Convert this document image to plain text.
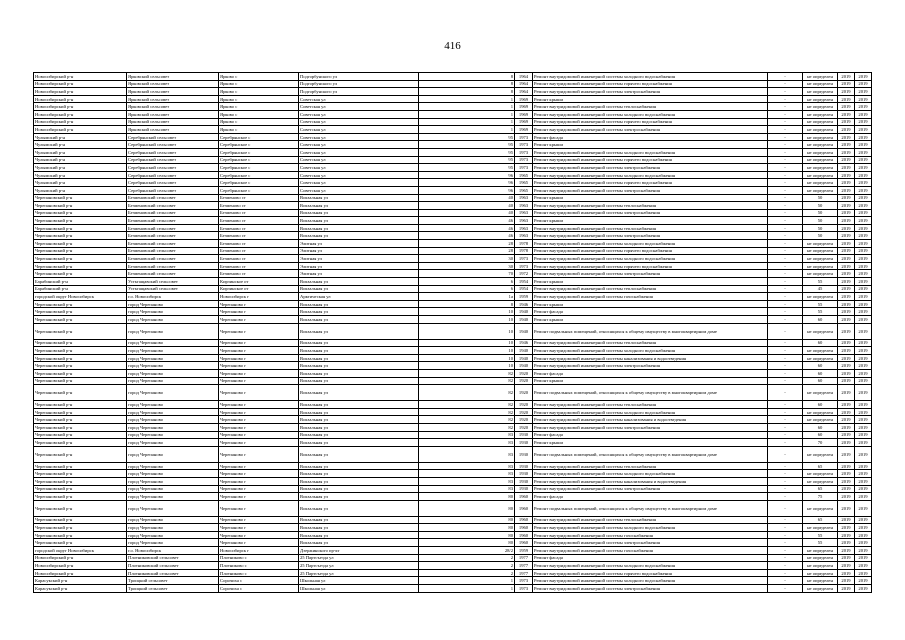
416
Новосибирский р-н	Ярковский сельсовет	Ярково с	Подгорбунского ул	8	1964	Ремонт внутридомовой инженерной системы холодного водоснабжения	-	не определен	2019	2019
Новосибирский р-н	Ярковский сельсовет	Ярково с	Подгорбунского ул	8	1964	Ремонт внутридомовой инженерной системы горячего водоснабжения	-	не определен	2019	2019
Новосибирский р-н	Ярковский сельсовет	Ярково с	Подгорбунского ул	8	1964	Ремонт внутридомовой инженерной системы электроснабжения	-	не определен	2019	2019
Новосибирский р-н	Ярковский сельсовет	Ярково с	Советская ул	1	1969	Ремонт крыши	-	не определен	2019	2019
Новосибирский р-н	Ярковский сельсовет	Ярково с	Советская ул	1	1969	Ремонт внутридомовой инженерной системы теплоснабжения	-	не определен	2019	2019
Новосибирский р-н	Ярковский сельсовет	Ярково с	Советская ул	1	1969	Ремонт внутридомовой инженерной системы холодного водоснабжения	-	не определен	2019	2019
Новосибирский р-н	Ярковский сельсовет	Ярково с	Советская ул	1	1969	Ремонт внутридомовой инженерной системы горячего водоснабжения	-	не определен	2019	2019
Новосибирский р-н	Ярковский сельсовет	Ярково с	Советская ул	1	1969	Ремонт внутридомовой инженерной системы электроснабжения	-	не определен	2019	2019
Чулымский р-н	Серебрянский сельсовет	Серебрянское с	Советская ул	95	1973	Ремонт фасада	-	не определен	2019	2019
Чулымский р-н	Серебрянский сельсовет	Серебрянское с	Советская ул	95	1973	Ремонт крыши	-	не определен	2019	2019
Чулымский р-н	Серебрянский сельсовет	Серебрянское с	Советская ул	95	1973	Ремонт внутридомовой инженерной системы холодного водоснабжения	-	не определен	2019	2019
Чулымский р-н	Серебрянский сельсовет	Серебрянское с	Советская ул	95	1973	Ремонт внутридомовой инженерной системы горячего водоснабжения	-	не определен	2019	2019
Чулымский р-н	Серебрянский сельсовет	Серебрянское с	Советская ул	95	1973	Ремонт внутридомовой инженерной системы электроснабжения	-	не определен	2019	2019
Чулымский р-н	Серебрянский сельсовет	Серебрянское с	Советская ул	96	1965	Ремонт внутридомовой инженерной системы холодного водоснабжения	-	не определен	2019	2019
Чулымский р-н	Серебрянский сельсовет	Серебрянское с	Советская ул	96	1965	Ремонт внутридомовой инженерной системы горячего водоснабжения	-	не определен	2019	2019
Чулымский р-н	Серебрянский сельсовет	Серебрянское с	Советская ул	96	1965	Ремонт внутридомовой инженерной системы электроснабжения	-	не определен	2019	2019
Черепановский р-н	Безменовский сельсовет	Безменово ст	Вокзальная ул	40	1963	Ремонт крыши	-	50	2019	2019
Черепановский р-н	Безменовский сельсовет	Безменово ст	Вокзальная ул	40	1963	Ремонт внутридомовой инженерной системы теплоснабжения	-	50	2019	2019
Черепановский р-н	Безменовский сельсовет	Безменово ст	Вокзальная ул	40	1963	Ремонт внутридомовой инженерной системы электроснабжения	-	50	2019	2019
Черепановский р-н	Безменовский сельсовет	Безменово ст	Вокзальная ул	46	1963	Ремонт крыши	-	50	2019	2019
Черепановский р-н	Безменовский сельсовет	Безменово ст	Вокзальная ул	46	1963	Ремонт внутридомовой инженерной системы теплоснабжения	-	50	2019	2019
Черепановский р-н	Безменовский сельсовет	Безменово ст	Вокзальная ул	46	1963	Ремонт внутридомовой инженерной системы электроснабжения	-	50	2019	2019
Черепановский р-н	Безменовский сельсовет	Безменово ст	Элитная ул	28	1978	Ремонт внутридомовой инженерной системы холодного водоснабжения	-	не определен	2019	2019
Черепановский р-н	Безменовский сельсовет	Безменово ст	Элитная ул	28	1978	Ремонт внутридомовой инженерной системы горячего водоснабжения	-	не определен	2019	2019
Черепановский р-н	Безменовский сельсовет	Безменово ст	Элитная ул	30	1973	Ремонт внутридомовой инженерной системы холодного водоснабжения	-	не определен	2019	2019
Черепановский р-н	Безменовский сельсовет	Безменово ст	Элитная ул	30	1973	Ремонт внутридомовой инженерной системы горячего водоснабжения	-	не определен	2019	2019
Черепановский р-н	Безменовский сельсовет	Безменово ст	Элитная ул	70	1972	Ремонт внутридомовой инженерной системы электроснабжения	-	не определен	2019	2019
Барабинский р-н	Устьтащавский сельсовет	Кирзинское от	Вокзальная ул	6	1954	Ремонт крыши	-	55	2019	2019
Барабинский р-н	Устьтащавский сельсовет	Кирзинское от	Вокзальная ул	6	1954	Ремонт внутридомовой инженерной системы теплоснабжения	-	45	2019	2019
городской округ Новосибирск	г.о. Новосибирск	Новосибирск г	Арктическая ул	1а	1959	Ремонт внутридомовой инженерной системы газоснабжения	-	не определен	2019	2019
Черепановский р-н	город Черепаново	Черепаново г	Вокзальная ул	8	1946	Ремонт крыши	-	55	2019	2019
Черепановский р-н	город Черепаново	Черепаново г	Вокзальная ул	10	1940	Ремонт фасада	-	55	2019	2019
Черепановский р-н	город Черепаново	Черепаново г	Вокзальная ул	10	1940	Ремонт крыши	-	60	2019	2019
Черепановский р-н	город Черепаново	Черепаново г	Вокзальная ул	10	1940	Ремонт подвальных помещений, относящихся к общему имуществу в многоквартирном доме	-	не определен	2019	2019
Черепановский р-н	город Черепаново	Черепаново г	Вокзальная ул	10	1946	Ремонт внутридомовой инженерной системы теплоснабжения	-	60	2019	2019
Черепановский р-н	город Черепаново	Черепаново г	Вокзальная ул	10	1940	Ремонт внутридомовой инженерной системы холодного водоснабжения	-	не определен	2019	2019
Черепановский р-н	город Черепаново	Черепаново г	Вокзальная ул	10	1940	Ремонт внутридомовой инженерной системы канализования и водоотведения	-	не определен	2019	2019
Черепановский р-н	город Черепаново	Черепаново г	Вокзальная ул	10	1940	Ремонт внутридомовой инженерной системы электроснабжения	-	60	2019	2019
Черепановский р-н	город Черепаново	Черепаново г	Вокзальная ул	82	1920	Ремонт фасада	-	60	2019	2019
Черепановский р-н	город Черепаново	Черепаново г	Вокзальная ул	82	1920	Ремонт крыши	-	60	2019	2019
Черепановский р-н	город Черепаново	Черепаново г	Вокзальная ул	82	1920	Ремонт подвальных помещений, относящихся к общему имуществу в многоквартирном доме	-	не определен	2019	2019
Черепановский р-н	город Черепаново	Черепаново г	Вокзальная ул	82	1920	Ремонт внутридомовой инженерной системы теплоснабжения	-	60	2019	2019
Черепановский р-н	город Черепаново	Черепаново г	Вокзальная ул	82	1920	Ремонт внутридомовой инженерной системы холодного водоснабжения	-	не определен	2019	2019
Черепановский р-н	город Черепаново	Черепаново г	Вокзальная ул	82	1920	Ремонт внутридомовой инженерной системы канализования и водоотведения	-	не определен	2019	2019
Черепановский р-н	город Черепаново	Черепаново г	Вокзальная ул	82	1920	Ремонт внутридомовой инженерной системы электроснабжения	-	60	2019	2019
Черепановский р-н	город Черепаново	Черепаново г	Вокзальная ул	83	1930	Ремонт фасада	-	60	2019	2019
Черепановский р-н	город Черепаново	Черепаново г	Вокзальная ул	83	1930	Ремонт крыши	-	70	2019	2019
Черепановский р-н	город Черепаново	Черепаново г	Вокзальная ул	83	1930	Ремонт подвальных помещений, относящихся к общему имуществу в многоквартирном доме	-	не определен	2019	2019
Черепановский р-н	город Черепаново	Черепаново г	Вокзальная ул	83	1930	Ремонт внутридомовой инженерной системы теплоснабжения	-	65	2019	2019
Черепановский р-н	город Черепаново	Черепаново г	Вокзальная ул	83	1930	Ремонт внутридомовой инженерной системы холодного водоснабжения	-	не определен	2019	2019
Черепановский р-н	город Черепаново	Черепаново г	Вокзальная ул	83	1930	Ремонт внутридомовой инженерной системы канализования и водоотведения	-	не определен	2019	2019
Черепановский р-н	город Черепаново	Черепаново г	Вокзальная ул	83	1930	Ремонт внутридомовой инженерной системы электроснабжения	-	65	2019	2019
Черепановский р-н	город Черепаново	Черепаново г	Вокзальная ул	80	1960	Ремонт фасада	-	75	2019	2019
Черепановский р-н	город Черепаново	Черепаново г	Вокзальная ул	80	1960	Ремонт подвальных помещений, относящихся к общему имуществу в многоквартирном доме	-	не определен	2019	2019
Черепановский р-н	город Черепаново	Черепаново г	Вокзальная ул	80	1960	Ремонт внутридомовой инженерной системы теплоснабжения	-	65	2019	2019
Черепановский р-н	город Черепаново	Черепаново г	Вокзальная ул	80	1960	Ремонт внутридомовой инженерной системы холодного водоснабжения	-	не определен	2019	2019
Черепановский р-н	город Черепаново	Черепаново г	Вокзальная ул	80	1960	Ремонт внутридомовой инженерной системы газоснабжения	-	55	2019	2019
Черепановский р-н	город Черепаново	Черепаново г	Вокзальная ул	80	1960	Ремонт внутридомовой инженерной системы электроснабжения	-	55	2019	2019
городской округ Новосибирск	г.о. Новосибирск	Новосибирск г	Дзержинского пр-кт	28/2	1959	Ремонт внутридомовой инженерной системы газоснабжения	-	не определен	2019	2019
Новосибирский р-н	Плотниковский сельсовет	Плотниково с	25 Партсъезда ул	2	1977	Ремонт фасада	-	не определен	2019	2019
Новосибирский р-н	Плотниковский сельсовет	Плотниково с	25 Партсъезда ул	2	1977	Ремонт внутридомовой инженерной системы холодного водоснабжения	-	не определен	2019	2019
Новосибирский р-н	Плотниковский сельсовет	Плотниково с	25 Партсъезда ул	2	1977	Ремонт внутридомовой инженерной системы горячего водоснабжения	-	не определен	2019	2019
Карасукский р-н	Троицкий сельсовет	Сорочиха с	Школьная ул	1	1973	Ремонт внутридомовой инженерной системы холодного водоснабжения	-	не определен	2019	2019
Карасукский р-н	Троицкий сельсовет	Сорочиха с	Школьная ул	1	1973	Ремонт внутридомовой инженерной системы электроснабжения	-	не определен	2019	2019
